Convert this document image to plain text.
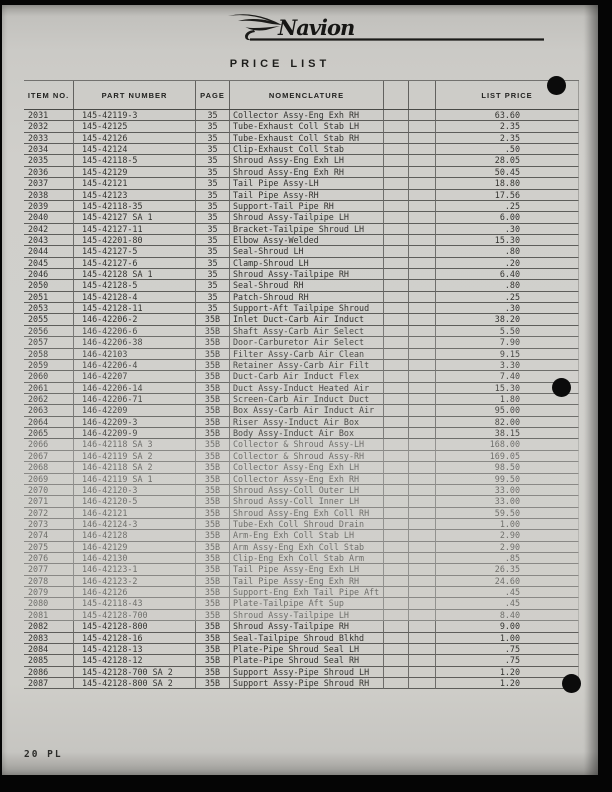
Navion
PRICE LIST
ITEM NO.	PART NUMBER	PAGE	NOMENCLATURE	LIST PRICE
2031	145-42119-3	35	Collector Assy-Eng Exh RH	63.60
2032	145-42125	35	Tube-Exhaust Coll Stab LH	2.35
2033	145-42126	35	Tube-Exhaust Coll Stab RH	2.35
2034	145-42124	35	Clip-Exhaust Coll Stab	.50
2035	145-42118-5	35	Shroud Assy-Eng Exh LH	28.05
2036	145-42129	35	Shroud Assy-Eng Exh RH	50.45
2037	145-42121	35	Tail Pipe Assy-LH	18.80
2038	145-42123	35	Tail Pipe Assy-RH	17.56
2039	145-42118-35	35	Support-Tail Pipe RH	.25
2040	145-42127 SA 1	35	Shroud Assy-Tailpipe LH	6.00
2042	145-42127-11	35	Bracket-Tailpipe Shroud LH	.30
2043	145-42201-80	35	Elbow Assy-Welded	15.30
2044	145-42127-5	35	Seal-Shroud LH	.80
2045	145-42127-6	35	Clamp-Shroud LH	.20
2046	145-42128 SA 1	35	Shroud Assy-Tailpipe RH	6.40
2050	145-42128-5	35	Seal-Shroud RH	.80
2051	145-42128-4	35	Patch-Shroud RH	.25
2053	145-42128-11	35	Support-Aft Tailpipe Shroud	.30
2055	146-42206-2	35B	Inlet Duct-Carb Air Induct	38.20
2056	146-42206-6	35B	Shaft Assy-Carb Air Select	5.50
2057	146-42206-38	35B	Door-Carburetor Air Select	7.90
2058	146-42103	35B	Filter Assy-Carb Air Clean	9.15
2059	146-42206-4	35B	Retainer Assy-Carb Air Filt	3.30
2060	146-42207	35B	Duct-Carb Air Induct Flex	7.40
2061	146-42206-14	35B	Duct Assy-Induct Heated Air	15.30
2062	146-42206-71	35B	Screen-Carb Air Induct Duct	1.80
2063	146-42209	35B	Box Assy-Carb Air Induct Air	95.00
2064	146-42209-3	35B	Riser Assy-Induct Air Box	82.00
2065	146-42209-9	35B	Body Assy-Induct Air Box	38.15
2066	146-42118 SA 3	35B	Collector & Shroud Assy-LH	168.00
2067	146-42119 SA 2	35B	Collector & Shroud Assy-RH	169.05
2068	146-42118 SA 2	35B	Collector Assy-Eng Exh LH	98.50
2069	146-42119 SA 1	35B	Collector Assy-Eng Exh RH	99.50
2070	146-42120-3	35B	Shroud Assy-Coll Outer LH	33.00
2071	146-42120-5	35B	Shroud Assy-Coll Inner LH	33.00
2072	146-42121	35B	Shroud Assy-Eng Exh Coll RH	59.50
2073	146-42124-3	35B	Tube-Exh Coll Shroud Drain	1.00
2074	146-42128	35B	Arm-Eng Exh Coll Stab LH	2.90
2075	146-42129	35B	Arm Assy-Eng Exh Coll Stab	2.90
2076	146-42130	35B	Clip-Eng Exh Coll Stab Arm	.85
2077	146-42123-1	35B	Tail Pipe Assy-Eng Exh LH	26.35
2078	146-42123-2	35B	Tail Pipe Assy-Eng Exh RH	24.60
2079	146-42126	35B	Support-Eng Exh Tail Pipe Aft	.45
2080	145-42118-43	35B	Plate-Tailpipe Aft Sup	.45
2081	145-42128-700	35B	Shroud Assy-Tailpipe LH	8.40
2082	145-42128-800	35B	Shroud Assy-Tailpipe RH	9.00
2083	145-42128-16	35B	Seal-Tailpipe Shroud Blkhd	1.00
2084	145-42128-13	35B	Plate-Pipe Shroud Seal LH	.75
2085	145-42128-12	35B	Plate-Pipe Shroud Seal RH	.75
2086	145-42128-700 SA 2	35B	Support Assy-Pipe Shroud LH	1.20
2087	145-42128-800 SA 2	35B	Support Assy-Pipe Shroud RH	1.20
20 PL
